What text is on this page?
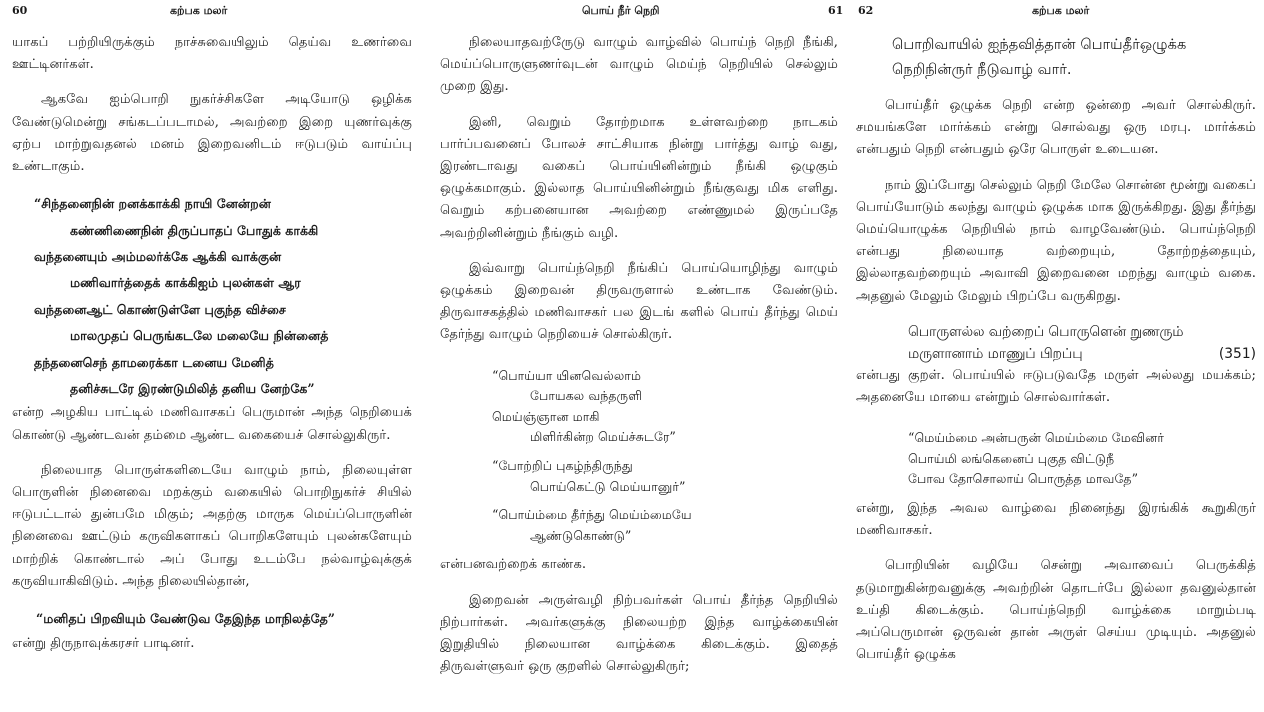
60	கற்பக மலர்

யாகப் பற்றியிருக்கும் நாச்சுவையிலும் தெய்வ உணர்வை ஊட்டினர்கள்.

ஆகவே ஐம்பொறி நுகர்ச்சிகளே அடியோடு ஒழிக்க வேண்டுமென்று சங்கடப்படாமல், அவற்றை இறை யுணர்வுக்கு ஏற்ப மாற்றுவதனல் மனம் இறைவனிடம் ஈடுபடும் வாய்ப்பு உண்டாகும்.

“சிந்தனைநின் றனக்காக்கி நாயி னேன்றன்
கண்ணிணைநின் திருப்பாதப் போதுக் காக்கி
வந்தனையும் அம்மலர்க்கே ஆக்கி வாக்குன்
மணிவார்த்தைக் காக்கிஐம் புலன்கள் ஆர
வந்தனைஆட் கொண்டுள்ளே புகுந்த விச்சை
மாலமுதப் பெருங்கடலே மலையே நின்னைத்
தந்தனைசெந் தாமரைக்கா டனைய மேனித்
தனிச்சுடரே இரண்டுமிலித் தனிய னேற்கே”

என்ற அழகிய பாட்டில் மணிவாசகப் பெருமான் அந்த நெறியைக் கொண்டு ஆண்டவன் தம்மை ஆண்ட வகையைச் சொல்லுகிருர்.

நிலையாத பொருள்களிடையே வாழும் நாம், நிலையுள்ள பொருளின் நினைவை மறக்கும் வகையில் பொறிநுகர்ச் சியில் ஈடுபட்டால் துன்பமே மிகும்; அதற்கு மாருக மெய்ப்பொருளின் நினைவை ஊட்டும் கருவிகளாகப் பொறிகளேயும் புலன்களேயும் மாற்றிக் கொண்டால் அப் போது உடம்பே நல்வாழ்வுக்குக் கருவியாகிவிடும். அந்த நிலையில்தான்,

“மனிதப் பிறவியும் வேண்டுவ தேஇந்த மாநிலத்தே”

என்று திருநாவுக்கரசர் பாடினர்.

பொய் நீர் நெறி	61

நிலையாதவற்ருேடு வாழும் வாழ்வில் பொய்ந் நெறி நீங்கி, மெய்ப்பொருளுணர்வுடன் வாழும் மெய்ந் நெறியில் செல்லும் முறை இது.

இனி, வெறும் தோற்றமாக உள்ளவற்றை நாடகம் பார்ப்பவனைப் போலச் சாட்சியாக நின்று பார்த்து வாழ் வது, இரண்டாவது வகைப் பொய்யினின்றும் நீங்கி ஒழுகும் ஒழுக்கமாகும். இல்லாத பொய்யினின்றும் நீங்குவது மிக எளிது. வெறும் கற்பனையான அவற்றை எண்ணுமல் இருப்பதே அவற்றினின்றும் நீங்கும் வழி.

இவ்வாறு பொய்ந்நெறி நீங்கிப் பொய்யொழிந்து வாழும் ஒழுக்கம் இறைவன் திருவருளால் உண்டாக வேண்டும். திருவாசகத்தில் மணிவாசகர் பல இடங் களில் பொய் தீர்ந்து மெய் தேர்ந்து வாழும் நெறியைச் சொல்கிருர்.

“பொய்யா யினவெல்லாம்
போயகல வந்தருளி
மெய்ஞ்ஞான மாகி
மிளிர்கின்ற மெய்ச்சுடரே”
“போற்றிப் புகழ்ந்திருந்து
பொய்கெட்டு மெய்யானுர்”
“பொய்ம்மை தீர்ந்து மெய்ம்மையே
ஆண்டுகொண்டு”

என்பனவற்றைக் காண்க.

இறைவன் அருள்வழி நிற்பவர்கள் பொய் தீர்ந்த நெறியில் நிற்பார்கள். அவர்களுக்கு நிலையற்ற இந்த வாழ்க்கையின் இறுதியில் நிலையான வாழ்க்கை கிடைக்கும். இதைத் திருவள்ளுவர் ஒரு குறளில் சொல்லுகிருர்;

62	கற்பக மலர்
பொறிவாயில் ஐந்தவித்தான் பொய்தீர்ஒழுக்க
நெறிநின்ருர் நீடுவாழ் வார்.

பொய்தீர் ஒழுக்க நெறி என்ற ஒன்றை அவர் சொல்கிருர். சமயங்களே மார்க்கம் என்று சொல்வது ஒரு மரபு. மார்க்கம் என்பதும் நெறி என்பதும் ஒரே பொருள் உடையன.

நாம் இப்போது செல்லும் நெறி மேலே சொன்ன மூன்று வகைப் பொய்யோடும் கலந்து வாழும் ஒழுக்க மாக இருக்கிறது. இது தீர்ந்து மெய்யொழுக்க நெறியில் நாம் வாழவேண்டும். பொய்ந்நெறி என்பது நிலையாத வற்றையும், தோற்றத்தையும், இல்லாதவற்றையும் அவாவி இறைவனை மறந்து வாழும் வகை. அதனுல் மேலும் மேலும் பிறப்பே வருகிறது.

பொருளல்ல வற்றைப் பொருளென் றுணரும்
மருளானாம் மாணுப் பிறப்பு	(351)

என்பது குறள். பொய்யில் ஈடுபடுவதே மருள் அல்லது மயக்கம்; அதனையே மாயை என்றும் சொல்வார்கள்.

“மெய்ம்மை அன்பருன் மெய்ம்மை மேவினர்
பொய்மி லங்கெனைப் புகுத விட்டுநீ
போவ தோசொலாய் பொருத்த மாவதே”

என்று, இந்த அவல வாழ்வை நினைந்து இரங்கிக் கூறுகிருர் மணிவாசகர்.

பொறியின் வழியே சென்று அவாவைப் பெருக்கித் தடுமாறுகின்றவனுக்கு அவற்றின் தொடர்பே இல்லா தவனுல்தான் உய்தி கிடைக்கும். பொய்ந்நெறி வாழ்க்கை மாறும்படி அப்பெருமான் ஒருவன் தான் அருள் செய்ய முடியும். அதனுல் பொய்தீர் ஒழுக்க
